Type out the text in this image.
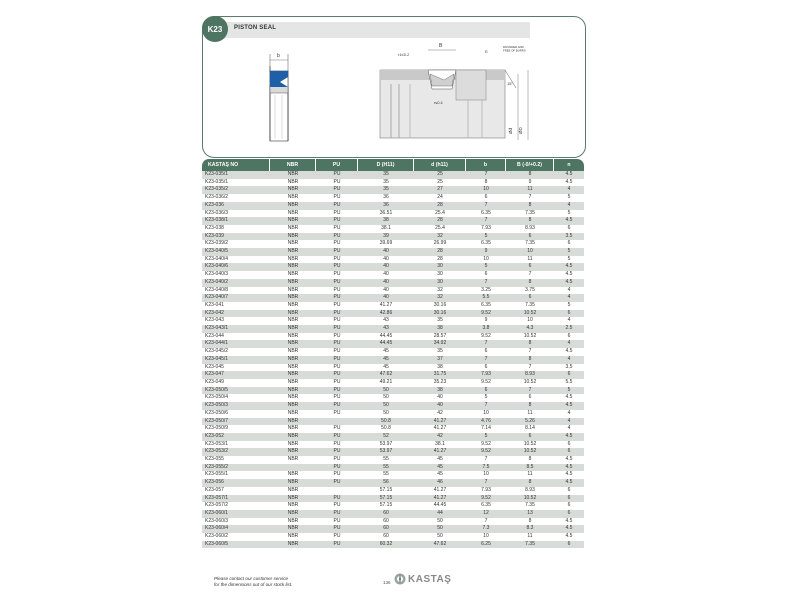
PISTON SEAL
K23
b
B
r1≤0.2
r≤0.4
n
ROUNDED AND
FREE OF BURRS
15°
Ød ØD
KASTAŞ NO	NBR	PU	D (H11)	d (h11)	b	B (-0/+0.2)	n
K23-035/1	NBR	PU	35	25	7	8	4.5
K23-035/1	NBR	PU	35	25	8	9	4.5
K23-035/2	NBR	PU	35	27	10	11	4
K23-036/2	NBR	PU	36	24	6	7	5
K23-036	NBR	PU	36	28	7	8	4
K23-036/3	NBR	PU	36.51	25.4	6.35	7.35	5
K23-038/1	NBR	PU	38	28	7	8	4.5
K23-038	NBR	PU	38.1	25.4	7.93	8.93	6
K23-039	NBR	PU	39	32	5	6	3.5
K23-039/2	NBR	PU	39.69	26.99	6.35	7.35	6
K23-040/5	NBR	PU	40	28	9	10	5
K23-040/4	NBR	PU	40	28	10	11	5
K23-040/6	NBR	PU	40	30	5	6	4.5
K23-040/3	NBR	PU	40	30	6	7	4.5
K23-040/2	NBR	PU	40	30	7	8	4.5
K23-040/8	NBR	PU	40	32	3.25	3.75	4
K23-040/7	NBR	PU	40	32	5.5	6	4
K23-041	NBR	PU	41.27	30.16	6.35	7.35	5
K23-042	NBR	PU	42.86	30.16	9.52	10.52	6
K23-043	NBR	PU	43	35	9	10	4
K23-043/1	NBR	PU	43	38	3.8	4.3	2.5
K23-044	NBR	PU	44.45	28.57	9.52	10.52	6
K23-044/1	NBR	PU	44.45	34.92	7	8	4
K23-045/2	NBR	PU	45	35	6	7	4.5
K23-045/1	NBR	PU	45	37	7	8	4
K23-045	NBR	PU	45	38	6	7	3.5
K23-047	NBR	PU	47.62	31.75	7.93	8.93	6
K23-049	NBR	PU	49.21	35.23	9.52	10.52	5.5
K23-050/5	NBR	PU	50	38	6	7	5
K23-050/4	NBR	PU	50	40	5	6	4.5
K23-050/3	NBR	PU	50	40	7	8	4.5
K23-050/6	NBR	PU	50	42	10	11	4
K23-050/7	NBR		50.8	41.27	4.76	5.26	4
K23-050/9	NBR	PU	50.8	41.27	7.14	8.14	4
K23-052	NBR	PU	52	42	5	6	4.5
K23-053/1	NBR	PU	53.97	38.1	9.52	10.52	6
K23-053/2	NBR	PU	53.97	41.27	9.52	10.52	6
K23-055	NBR	PU	55	45	7	8	4.5
K23-055/2		PU	55	45	7.5	8.5	4.5
K23-055/1	NBR	PU	55	45	10	11	4.5
K23-056	NBR	PU	56	46	7	8	4.5
K23-057	NBR		57.15	41.27	7.93	8.93	6
K23-057/1	NBR	PU	57.15	41.27	9.52	10.52	6
K23-057/2	NBR	PU	57.15	44.45	6.35	7.35	6
K23-060/1	NBR	PU	60	44	12	13	6
K23-060/3	NBR	PU	60	50	7	8	4.5
K23-060/4	NBR	PU	60	50	7.3	8.3	4.5
K23-060/2	NBR	PU	60	50	10	11	4.5
K23-060/5	NBR	PU	60.32	47.62	6.25	7.35	6
Please contact our customer service
for the dimensions out of our stock list.	136 KASTAŞ
